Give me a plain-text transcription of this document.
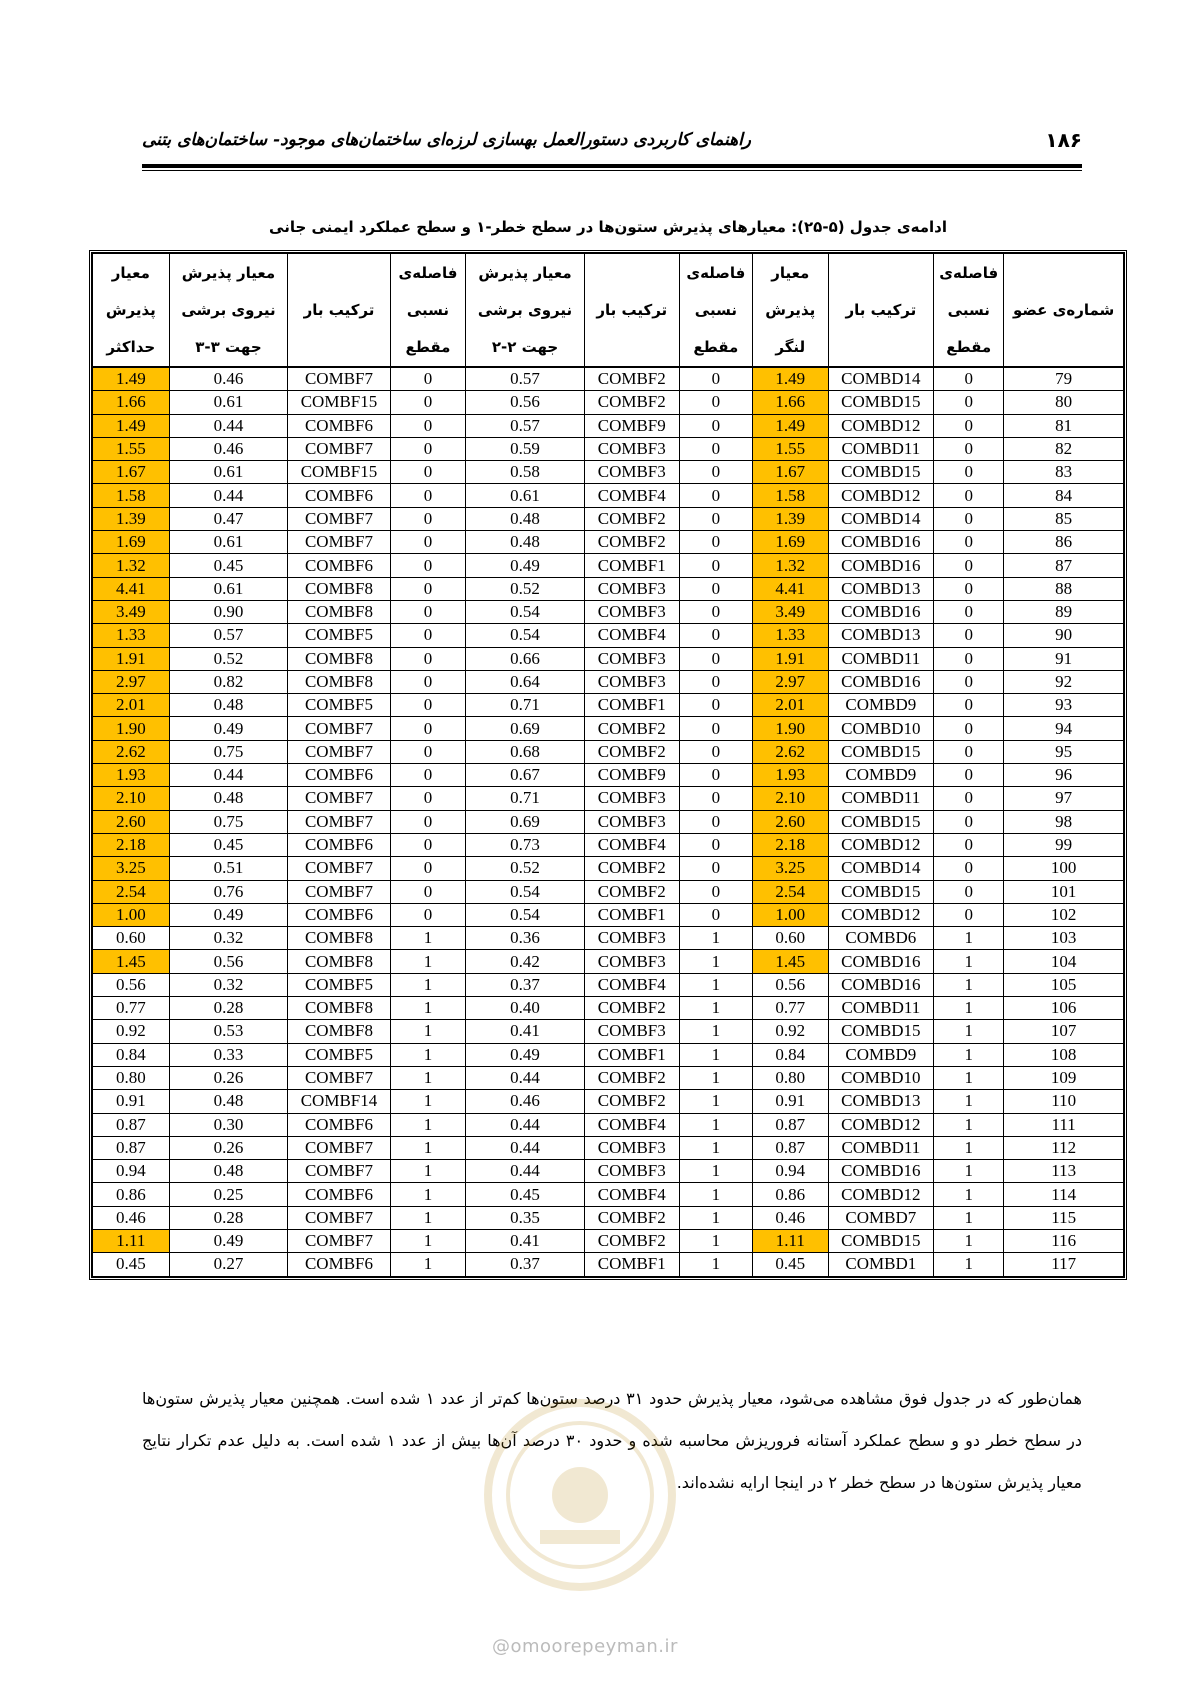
۱۸۶
راهنمای کاربردی دستورالعمل بهسازی لرزه‌ای ساختمان‌های موجود- ساختمان‌های بتنی
ادامه‌ی جدول (۵-۲۵): معیارهای پذیرش ستون‌ها در سطح خطر-۱ و سطح عملکرد ایمنی جانی
شماره‌ی عضو	فاصله‌ی نسبی مقطع	ترکیب بار	معیار پذیرش لنگر	فاصله‌ی نسبی مقطع	ترکیب بار	معیار پذیرش نیروی برشی جهت ۲-۲	فاصله‌ی نسبی مقطع	ترکیب بار	معیار پذیرش نیروی برشی جهت ۳-۳	معیار پذیرش حداکثر
79	0	COMBD14	1.49	0	COMBF2	0.57	0	COMBF7	0.46	1.49
80	0	COMBD15	1.66	0	COMBF2	0.56	0	COMBF15	0.61	1.66
81	0	COMBD12	1.49	0	COMBF9	0.57	0	COMBF6	0.44	1.49
82	0	COMBD11	1.55	0	COMBF3	0.59	0	COMBF7	0.46	1.55
83	0	COMBD15	1.67	0	COMBF3	0.58	0	COMBF15	0.61	1.67
84	0	COMBD12	1.58	0	COMBF4	0.61	0	COMBF6	0.44	1.58
85	0	COMBD14	1.39	0	COMBF2	0.48	0	COMBF7	0.47	1.39
86	0	COMBD16	1.69	0	COMBF2	0.48	0	COMBF7	0.61	1.69
87	0	COMBD16	1.32	0	COMBF1	0.49	0	COMBF6	0.45	1.32
88	0	COMBD13	4.41	0	COMBF3	0.52	0	COMBF8	0.61	4.41
89	0	COMBD16	3.49	0	COMBF3	0.54	0	COMBF8	0.90	3.49
90	0	COMBD13	1.33	0	COMBF4	0.54	0	COMBF5	0.57	1.33
91	0	COMBD11	1.91	0	COMBF3	0.66	0	COMBF8	0.52	1.91
92	0	COMBD16	2.97	0	COMBF3	0.64	0	COMBF8	0.82	2.97
93	0	COMBD9	2.01	0	COMBF1	0.71	0	COMBF5	0.48	2.01
94	0	COMBD10	1.90	0	COMBF2	0.69	0	COMBF7	0.49	1.90
95	0	COMBD15	2.62	0	COMBF2	0.68	0	COMBF7	0.75	2.62
96	0	COMBD9	1.93	0	COMBF9	0.67	0	COMBF6	0.44	1.93
97	0	COMBD11	2.10	0	COMBF3	0.71	0	COMBF7	0.48	2.10
98	0	COMBD15	2.60	0	COMBF3	0.69	0	COMBF7	0.75	2.60
99	0	COMBD12	2.18	0	COMBF4	0.73	0	COMBF6	0.45	2.18
100	0	COMBD14	3.25	0	COMBF2	0.52	0	COMBF7	0.51	3.25
101	0	COMBD15	2.54	0	COMBF2	0.54	0	COMBF7	0.76	2.54
102	0	COMBD12	1.00	0	COMBF1	0.54	0	COMBF6	0.49	1.00
103	1	COMBD6	0.60	1	COMBF3	0.36	1	COMBF8	0.32	0.60
104	1	COMBD16	1.45	1	COMBF3	0.42	1	COMBF8	0.56	1.45
105	1	COMBD16	0.56	1	COMBF4	0.37	1	COMBF5	0.32	0.56
106	1	COMBD11	0.77	1	COMBF2	0.40	1	COMBF8	0.28	0.77
107	1	COMBD15	0.92	1	COMBF3	0.41	1	COMBF8	0.53	0.92
108	1	COMBD9	0.84	1	COMBF1	0.49	1	COMBF5	0.33	0.84
109	1	COMBD10	0.80	1	COMBF2	0.44	1	COMBF7	0.26	0.80
110	1	COMBD13	0.91	1	COMBF2	0.46	1	COMBF14	0.48	0.91
111	1	COMBD12	0.87	1	COMBF4	0.44	1	COMBF6	0.30	0.87
112	1	COMBD11	0.87	1	COMBF3	0.44	1	COMBF7	0.26	0.87
113	1	COMBD16	0.94	1	COMBF3	0.44	1	COMBF7	0.48	0.94
114	1	COMBD12	0.86	1	COMBF4	0.45	1	COMBF6	0.25	0.86
115	1	COMBD7	0.46	1	COMBF2	0.35	1	COMBF7	0.28	0.46
116	1	COMBD15	1.11	1	COMBF2	0.41	1	COMBF7	0.49	1.11
117	1	COMBD1	0.45	1	COMBF1	0.37	1	COMBF6	0.27	0.45
همان‌طور که در جدول فوق مشاهده می‌شود، معیار پذیرش حدود ۳۱ درصد ستون‌ها کم‌تر از عدد ۱ شده است. همچنین معیار پذیرش ستون‌ها در سطح خطر دو و سطح عملکرد آستانه فروریزش محاسبه شده و حدود ۳۰ درصد آن‌ها بیش از عدد ۱ شده است. به دلیل عدم تکرار نتایج معیار پذیرش ستون‌ها در سطح خطر ۲ در اینجا ارایه نشده‌اند.
@omoorepeyman.ir
